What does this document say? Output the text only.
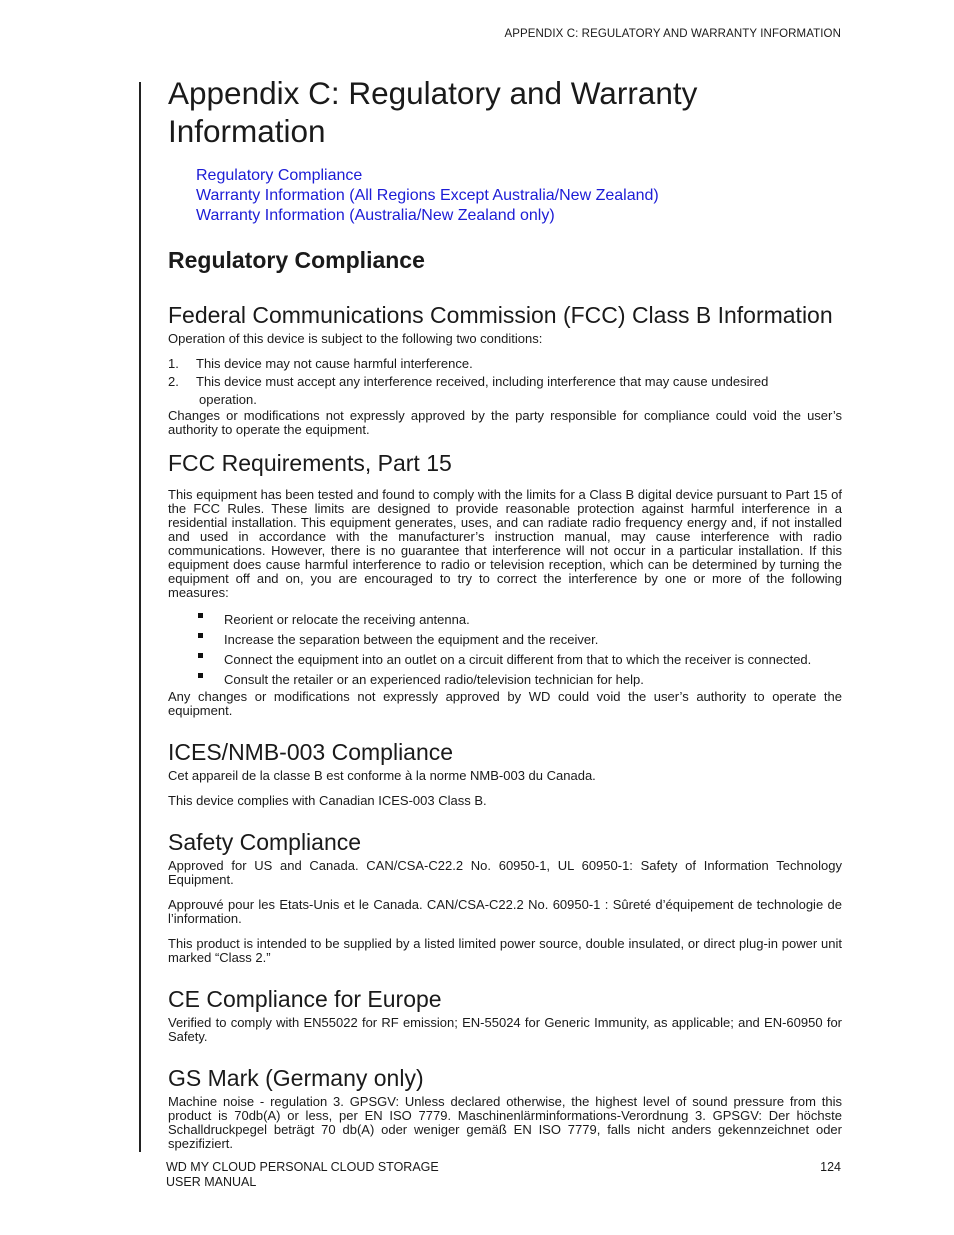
APPENDIX C: REGULATORY AND WARRANTY INFORMATION
Appendix C: Regulatory and Warranty Information
Regulatory Compliance
Warranty Information (All Regions Except Australia/New Zealand)
Warranty Information (Australia/New Zealand only)
Regulatory Compliance
Federal Communications Commission (FCC) Class B Information

Operation of this device is subject to the following two conditions:

1. This device may not cause harmful interference.
2. This device must accept any interference received, including interference that may cause undesired
operation.

Changes or modifications not expressly approved by the party responsible for compliance could void the user’s authority to operate the equipment.

FCC Requirements, Part 15

This equipment has been tested and found to comply with the limits for a Class B digital device pursuant to Part 15 of the FCC Rules. These limits are designed to provide reasonable protection against harmful interference in a residential installation. This equipment generates, uses, and can radiate radio frequency energy and, if not installed and used in accordance with the manufacturer’s instruction manual, may cause interference with radio communications. However, there is no guarantee that interference will not occur in a particular installation. If this equipment does cause harmful interference to radio or television reception, which can be determined by turning the equipment off and on, you are encouraged to try to correct the interference by one or more of the following measures:

Reorient or relocate the receiving antenna.
Increase the separation between the equipment and the receiver.
Connect the equipment into an outlet on a circuit different from that to which the receiver is connected.
Consult the retailer or an experienced radio/television technician for help.

Any changes or modifications not expressly approved by WD could void the user’s authority to operate the equipment.

ICES/NMB-003 Compliance

Cet appareil de la classe B est conforme à la norme NMB-003 du Canada.

This device complies with Canadian ICES-003 Class B.

Safety Compliance

Approved for US and Canada. CAN/CSA-C22.2 No. 60950-1, UL 60950-1: Safety of Information Technology Equipment.

Approuvé pour les Etats-Unis et le Canada. CAN/CSA-C22.2 No. 60950-1 : Sûreté d’équipement de technologie de l’information.

This product is intended to be supplied by a listed limited power source, double insulated, or direct plug-in power unit marked “Class 2.”

CE Compliance for Europe

Verified to comply with EN55022 for RF emission; EN-55024 for Generic Immunity, as applicable; and EN-60950 for Safety.

GS Mark (Germany only)

Machine noise - regulation 3. GPSGV: Unless declared otherwise, the highest level of sound pressure from this product is 70db(A) or less, per EN ISO 7779. Maschinenlärminformations-Verordnung 3. GPSGV: Der höchste Schalldruckpegel beträgt 70 db(A) oder weniger gemäß EN ISO 7779, falls nicht anders gekennzeichnet oder spezifiziert.

WD MY CLOUD PERSONAL CLOUD STORAGE
USER MANUAL
124
